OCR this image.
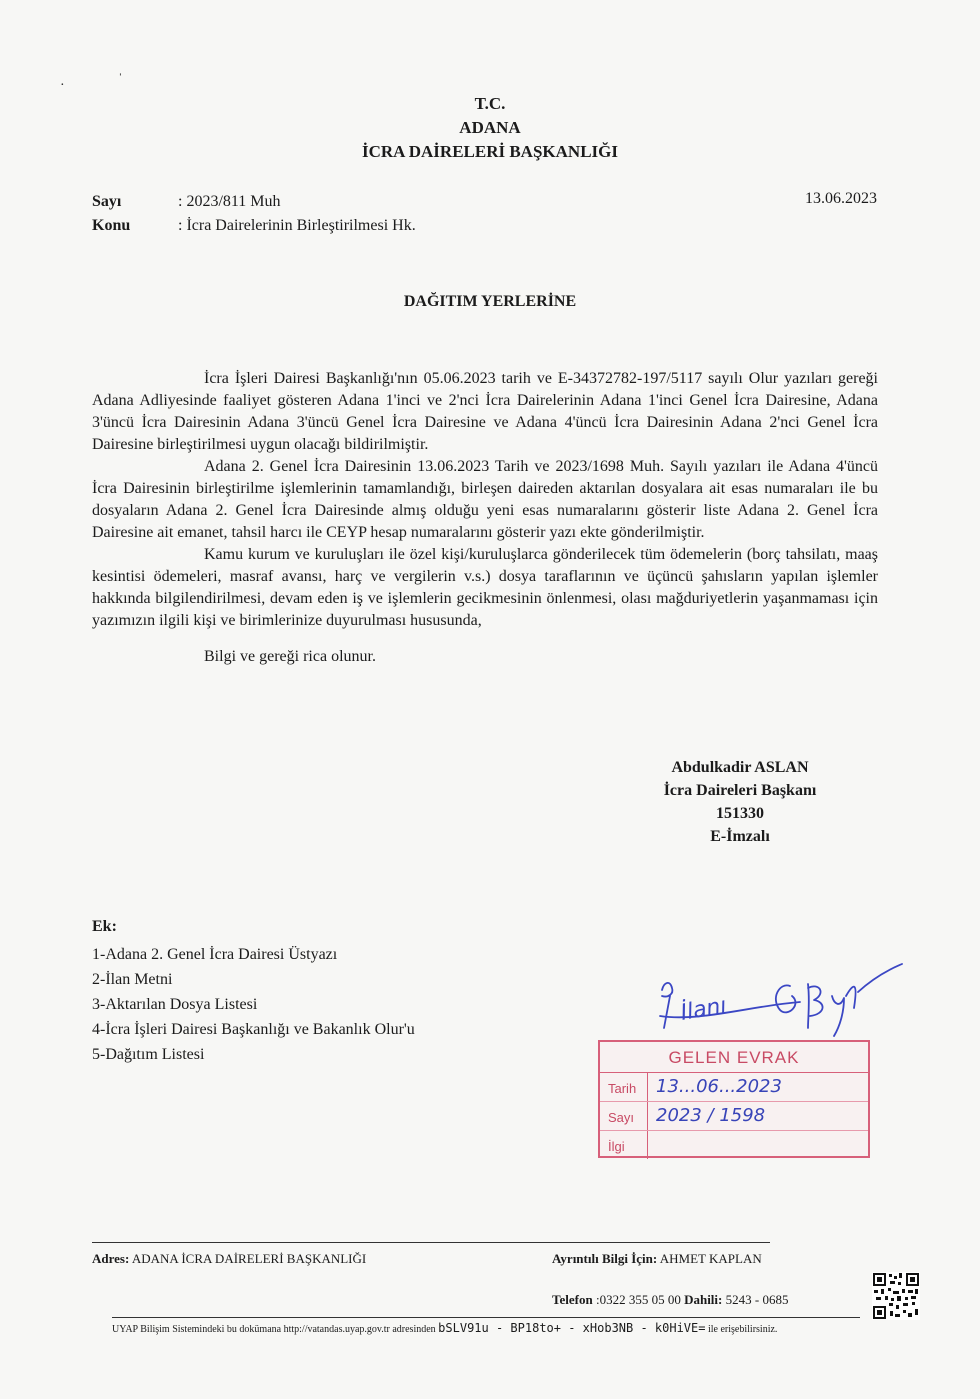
·	ˈ
T.C.
ADANA
İCRA DAİRELERİ BAŞKANLIĞI
Sayı	: 2023/811 Muh
Konu	: İcra Dairelerinin Birleştirilmesi Hk.
13.06.2023
DAĞITIM YERLERİNE

İcra İşleri Dairesi Başkanlığı'nın 05.06.2023 tarih ve E-34372782-197/5117 sayılı Olur yazıları gereği Adana Adliyesinde faaliyet gösteren Adana 1'inci ve 2'nci İcra Dairelerinin Adana 1'inci Genel İcra Dairesine, Adana 3'üncü İcra Dairesinin Adana 3'üncü Genel İcra Dairesine ve Adana 4'üncü İcra Dairesinin Adana 2'nci Genel İcra Dairesine birleştirilmesi uygun olacağı bildirilmiştir.

Adana 2. Genel İcra Dairesinin 13.06.2023 Tarih ve 2023/1698 Muh. Sayılı yazıları ile Adana 4'üncü İcra Dairesinin birleştirilme işlemlerinin tamamlandığı, birleşen daireden aktarılan dosyalara ait esas numaraları ile bu dosyaların Adana 2. Genel İcra Dairesinde almış olduğu yeni esas numaralarını gösterir liste Adana 2. Genel İcra Dairesine ait emanet, tahsil harcı ile CEYP hesap numaralarını gösterir yazı ekte gönderilmiştir.

Kamu kurum ve kuruluşları ile özel kişi/kuruluşlarca gönderilecek tüm ödemelerin (borç tahsilatı, maaş kesintisi ödemeleri, masraf avansı, harç ve vergilerin v.s.) dosya taraflarının ve üçüncü şahısların yapılan işlemler hakkında bilgilendirilmesi, devam eden iş ve işlemlerin gecikmesinin önlenmesi, olası mağduriyetlerin yaşanmaması için yazımızın ilgili kişi ve birimlerinize duyurulması hususunda,

Bilgi ve gereği rica olunur.

Abdulkadir ASLAN
İcra Daireleri Başkanı
151330
E-İmzalı
Ek:
1-Adana 2. Genel İcra Dairesi Üstyazı
2-İlan Metni
3-Aktarılan Dosya Listesi
4-İcra İşleri Dairesi Başkanlığı ve Bakanlık Olur'u
5-Dağıtım Listesi
İlanı
GELEN EVRAK
Tarih	13...06...2023
Sayı	2023 / 1598
İlgi
Adres: ADANA İCRA DAİRELERİ BAŞKANLIĞI	Ayrıntılı Bilgi İçin: AHMET KAPLAN
Telefon :0322 355 05 00 Dahili: 5243 - 0685
UYAP Bilişim Sistemindeki bu dokümana http://vatandas.uyap.gov.tr adresinden bSLV91u - BP18to+ - xHob3NB - k0HiVE= ile erişebilirsiniz.
